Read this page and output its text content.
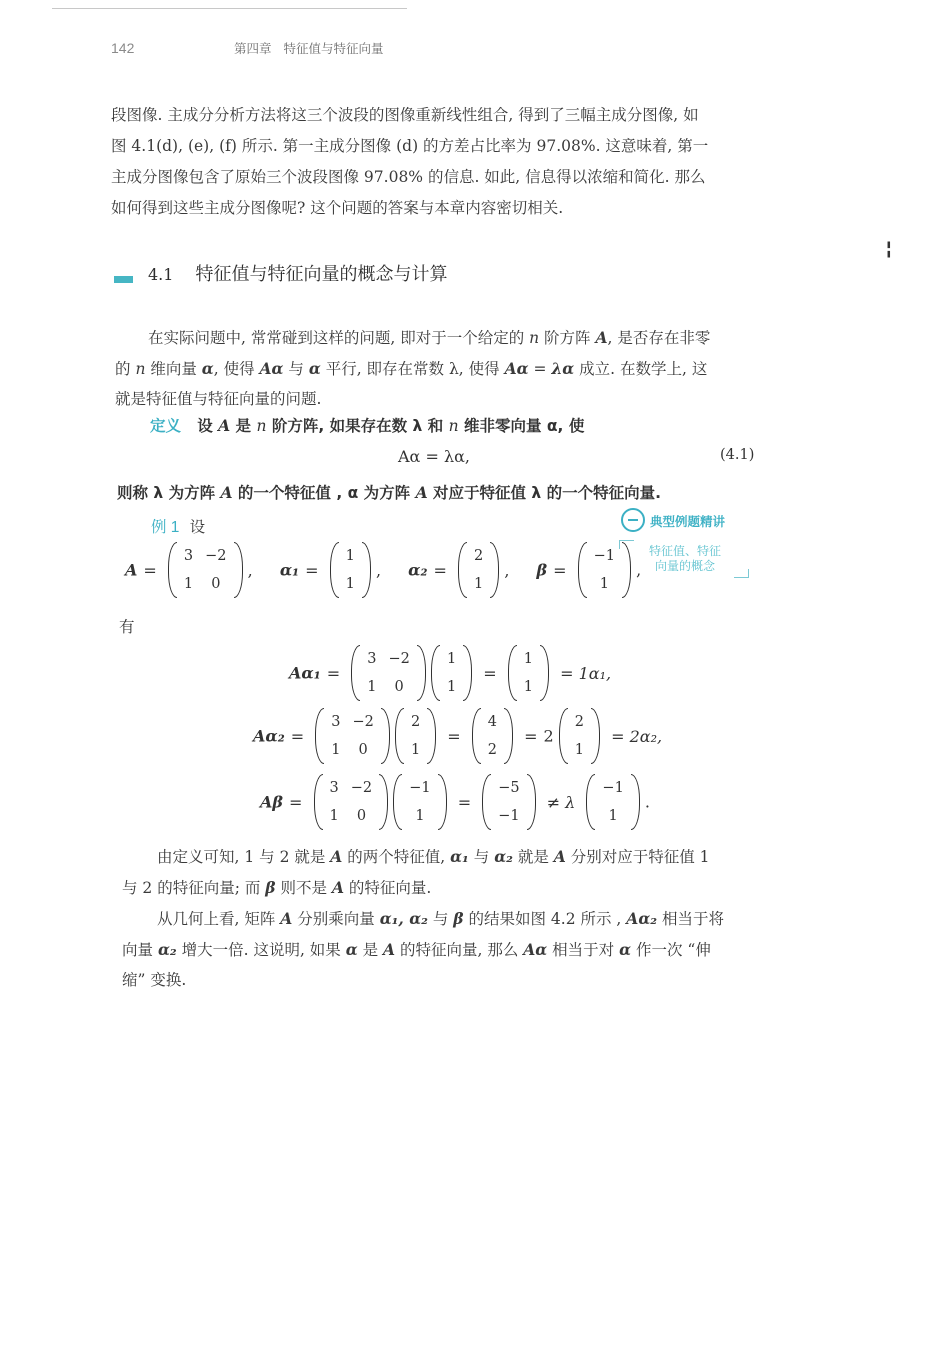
142	第四章 特征值与特征向量
段图像. 主成分分析方法将这三个波段的图像重新线性组合, 得到了三幅主成分图像, 如
图 4.1(d), (e), (f) 所示. 第一主成分图像 (d) 的方差占比率为 97.08%. 这意味着, 第一
主成分图像包含了原始三个波段图像 97.08% 的信息. 如此, 信息得以浓缩和简化. 那么
如何得到这些主成分图像呢? 这个问题的答案与本章内容密切相关.
4.1 特征值与特征向量的概念与计算
在实际问题中, 常常碰到这样的问题, 即对于一个给定的 n 阶方阵 A, 是否存在非零
的 n 维向量 α, 使得 Aα 与 α 平行, 即存在常数 λ, 使得 Aα = λα 成立. 在数学上, 这
就是特征值与特征向量的问题.
定义 设 A 是 n 阶方阵, 如果存在数 λ 和 n 维非零向量 α, 使
Aα = λα,	(4.1)
则称 λ 为方阵 A 的一个特征值 , α 为方阵 A 对应于特征值 λ 的一个特征向量.
例 1 设	典型例题精讲
特征值、特征
向量的概念
A =
3	−2
1	0
, α₁ =
1
1
, α₂ =
2
1
, β =
−1
1
,
有
Aα₁ =
3	−2
1	0

1
1
=
1
1
= 1α₁,
Aα₂ =
3	−2
1	0

2
1
=
4
2
= 2
2
1
= 2α₂,
Aβ =
3	−2
1	0

−1
1
=
−5
−1
≠ λ
−1
1
.
由定义可知, 1 与 2 就是 A 的两个特征值, α₁ 与 α₂ 就是 A 分别对应于特征值 1
与 2 的特征向量; 而 β 则不是 A 的特征向量.
从几何上看, 矩阵 A 分别乘向量 α₁, α₂ 与 β 的结果如图 4.2 所示 , Aα₂ 相当于将
向量 α₂ 增大一倍. 这说明, 如果 α 是 A 的特征向量, 那么 Aα 相当于对 α 作一次 “伸
缩” 变换.
╏
